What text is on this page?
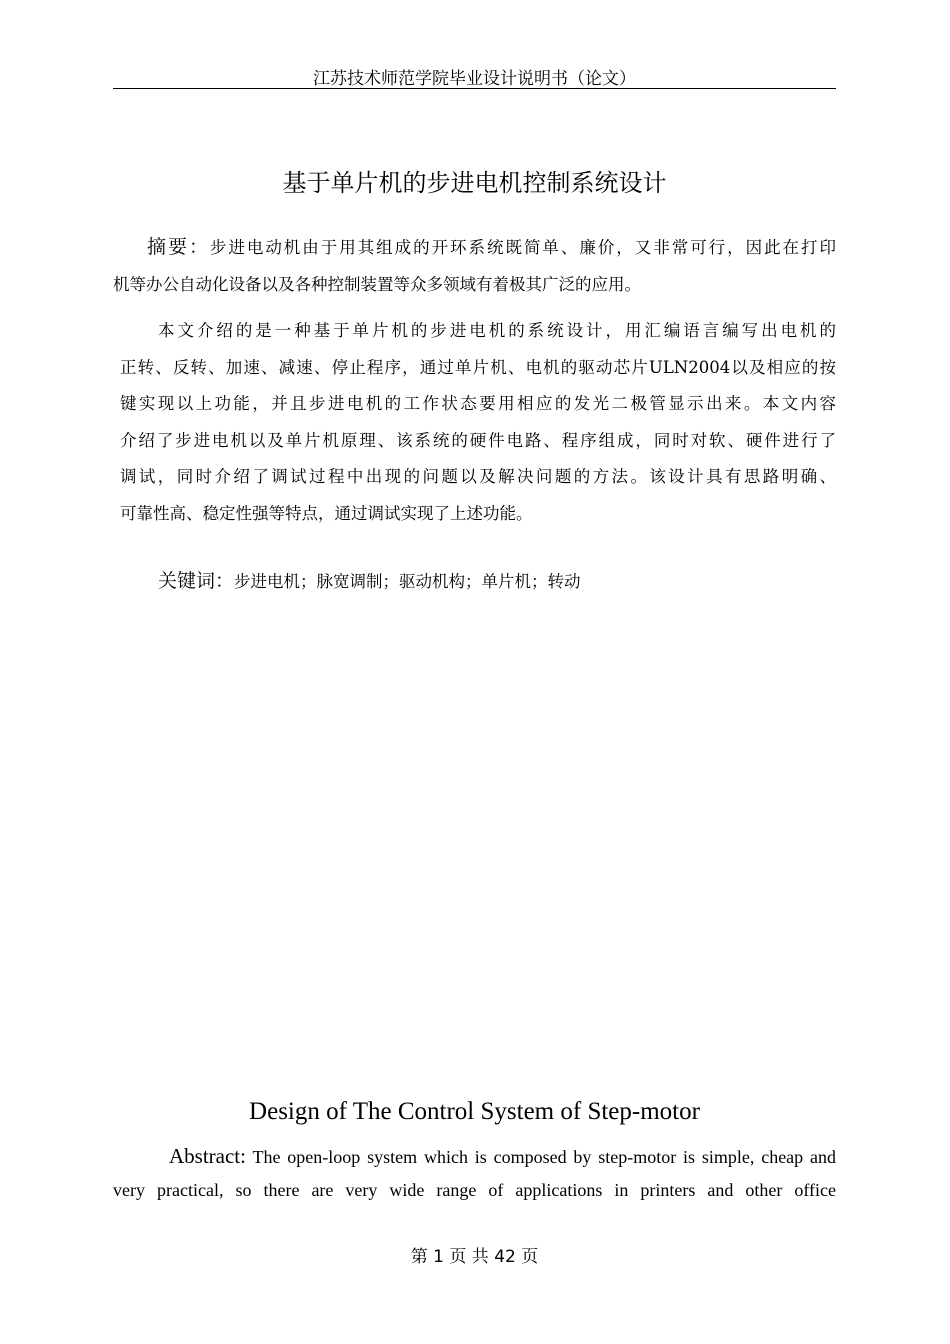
江苏技术师范学院毕业设计说明书（论文）
基于单片机的步进电机控制系统设计
摘要：步进电动机由于用其组成的开环系统既简单、廉价，又非常可行，因此在打印
机等办公自动化设备以及各种控制装置等众多领域有着极其广泛的应用。
本文介绍的是一种基于单片机的步进电机的系统设计，用汇编语言编写出电机的
正转、反转、加速、减速、停止程序，通过单片机、电机的驱动芯片ULN2004以及相应的按
键实现以上功能，并且步进电机的工作状态要用相应的发光二极管显示出来。本文内容
介绍了步进电机以及单片机原理、该系统的硬件电路、程序组成，同时对软、硬件进行了
调试，同时介绍了调试过程中出现的问题以及解决问题的方法。该设计具有思路明确、
可靠性高、稳定性强等特点，通过调试实现了上述功能。
关键词：步进电机；脉宽调制；驱动机构；单片机；转动
Design of The Control System of Step-motor
Abstract: The open-loop system which is composed by step-motor is simple, cheap and very practical, so there are very wide range of applications in printers and other office
第 1 页 共 42 页
